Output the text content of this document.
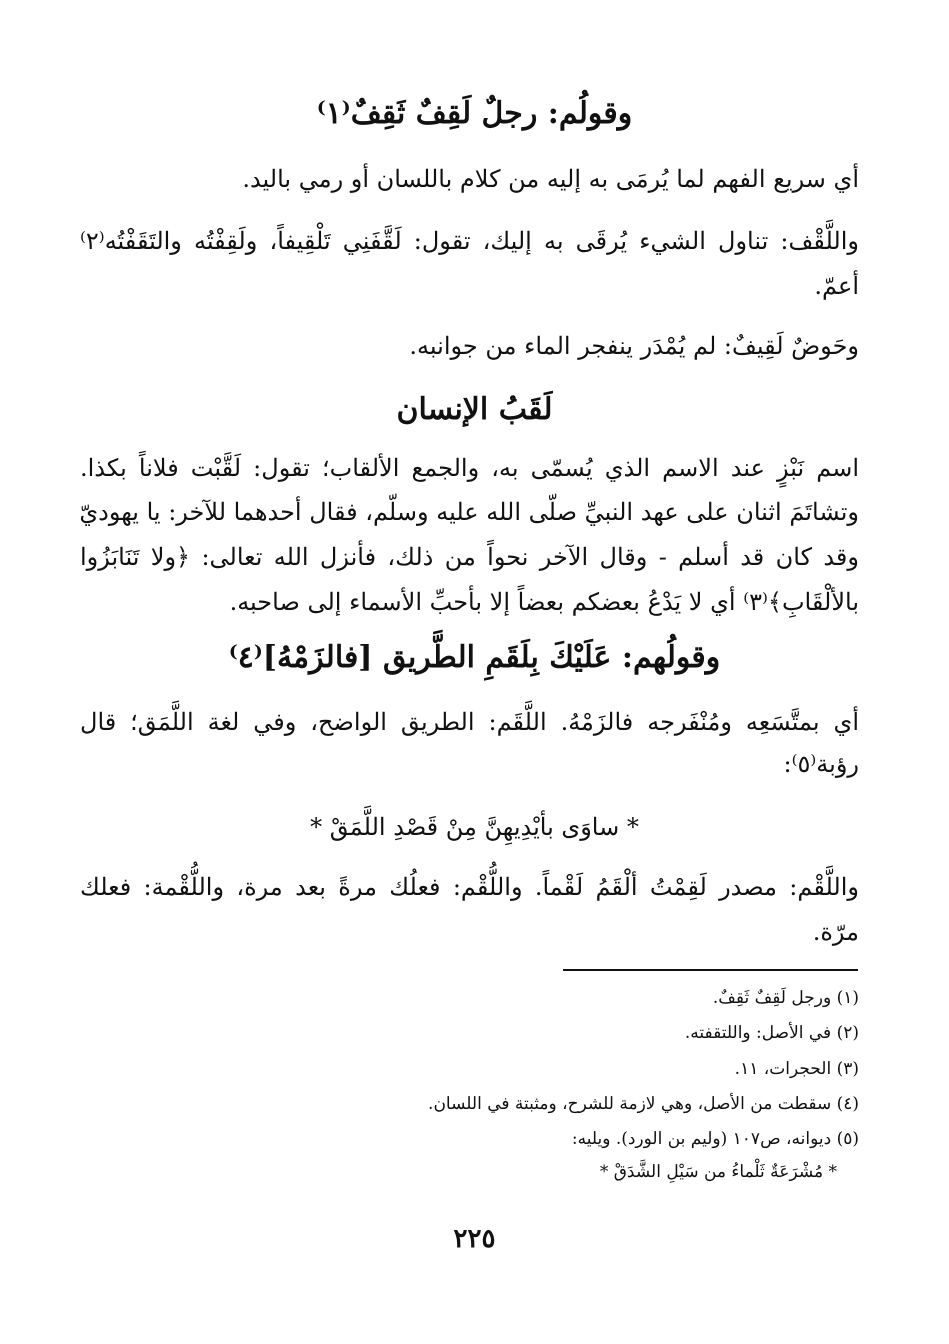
وقولُم: رجلٌ لَقِفٌ ثَقِفٌ⁽١⁾
أي سريع الفهم لما يُرمَى به إليه من كلام باللسان أو رمي باليد.
واللَّقْف: تناول الشيء يُرقَى به إليك، تقول: لَقَّفَنِي تَلْقِيفاً، ولَقِفْتُه والتَقَفْتُه⁽٢⁾
أعمّ.
وحَوضٌ لَقِيفٌ: لم يُمْدَر ينفجر الماء من جوانبه.
لَقَبُ الإنسان
اسم نَبْزٍ عند الاسم الذي يُسمّى به، والجمع الألقاب؛ تقول: لَقَّبْت فلاناً بكذا.
وتشاتَمَ اثنان على عهد النبيِّ صلّى الله عليه وسلّم، فقال أحدهما للآخر: يا يهوديّ
وقد كان قد أسلم - وقال الآخر نحواً من ذلك، فأنزل الله تعالى: ﴿ولا تَنَابَزُوا
بالألْقَابِ﴾⁽٣⁾ أي لا يَدْعُ بعضكم بعضاً إلا بأحبِّ الأسماء إلى صاحبه.
وقولُهم: عَلَيْكَ بِلَقَمِ الطَّريق [فالزَمْهُ]⁽٤⁾
أي بمتَّسَعِه ومُنْفَرجه فالزَمْهُ. اللَّقَم: الطريق الواضح، وفي لغة اللَّمَق؛ قال
رؤبة⁽٥⁾:
* ساوَى بأيْدِيهِنَّ مِنْ قَصْدِ اللَّمَقْ *
واللَّقْم: مصدر لَقِمْتُ ألْقَمُ لَقْماً. واللُّقْم: فعلُك مرةً بعد مرة، واللُّقْمة: فعلك
مرّة.
(١) ورجل لَقِفٌ ثَقِفٌ.
(٢) في الأصل: واللتقفته.
(٣) الحجرات، ١١.
(٤) سقطت من الأصل، وهي لازمة للشرح، ومثبتة في اللسان.
(٥) ديوانه، ص١٠٧ (وليم بن الورد). ويليه:
* مُشْرَعَةٌ ثَلْماءُ من سَيْلِ الشَّدَقْ *
٢٢٥
